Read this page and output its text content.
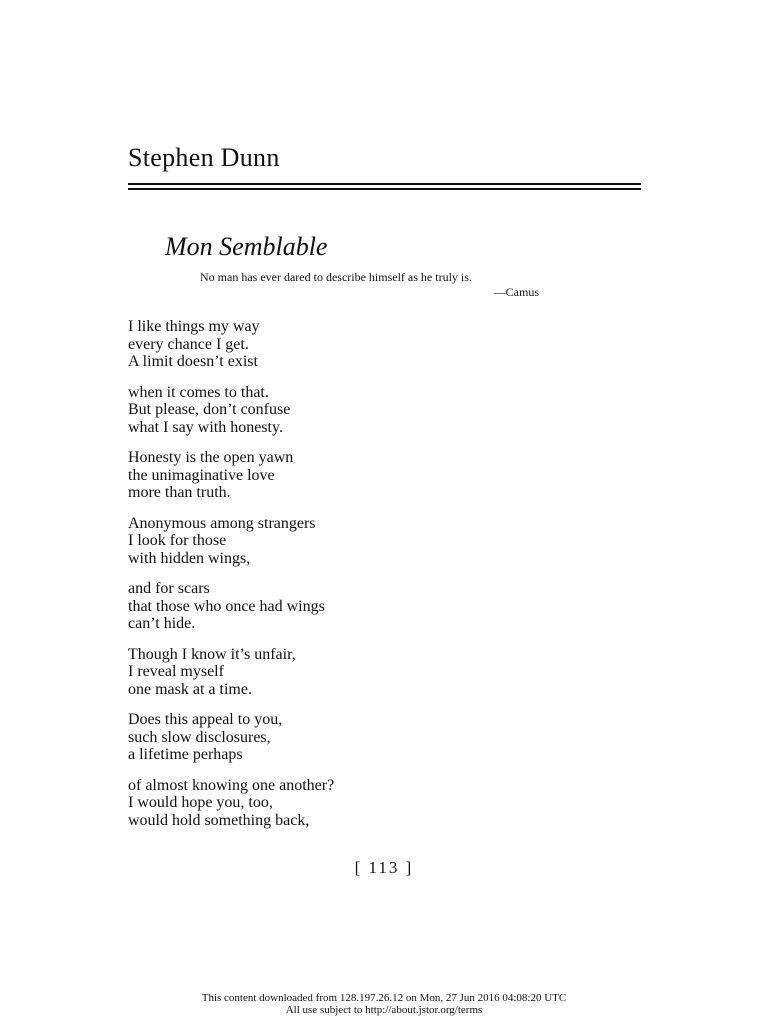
Stephen Dunn
Mon Semblable
No man has ever dared to describe himself as he truly is.
—Camus
I like things my way
every chance I get.
A limit doesn’t exist
when it comes to that.
But please, don’t confuse
what I say with honesty.
Honesty is the open yawn
the unimaginative love
more than truth.
Anonymous among strangers
I look for those
with hidden wings,
and for scars
that those who once had wings
can’t hide.
Though I know it’s unfair,
I reveal myself
one mask at a time.
Does this appeal to you,
such slow disclosures,
a lifetime perhaps
of almost knowing one another?
I would hope you, too,
would hold something back,
[ 113 ]
This content downloaded from 128.197.26.12 on Mon, 27 Jun 2016 04:08:20 UTC
All use subject to http://about.jstor.org/terms
